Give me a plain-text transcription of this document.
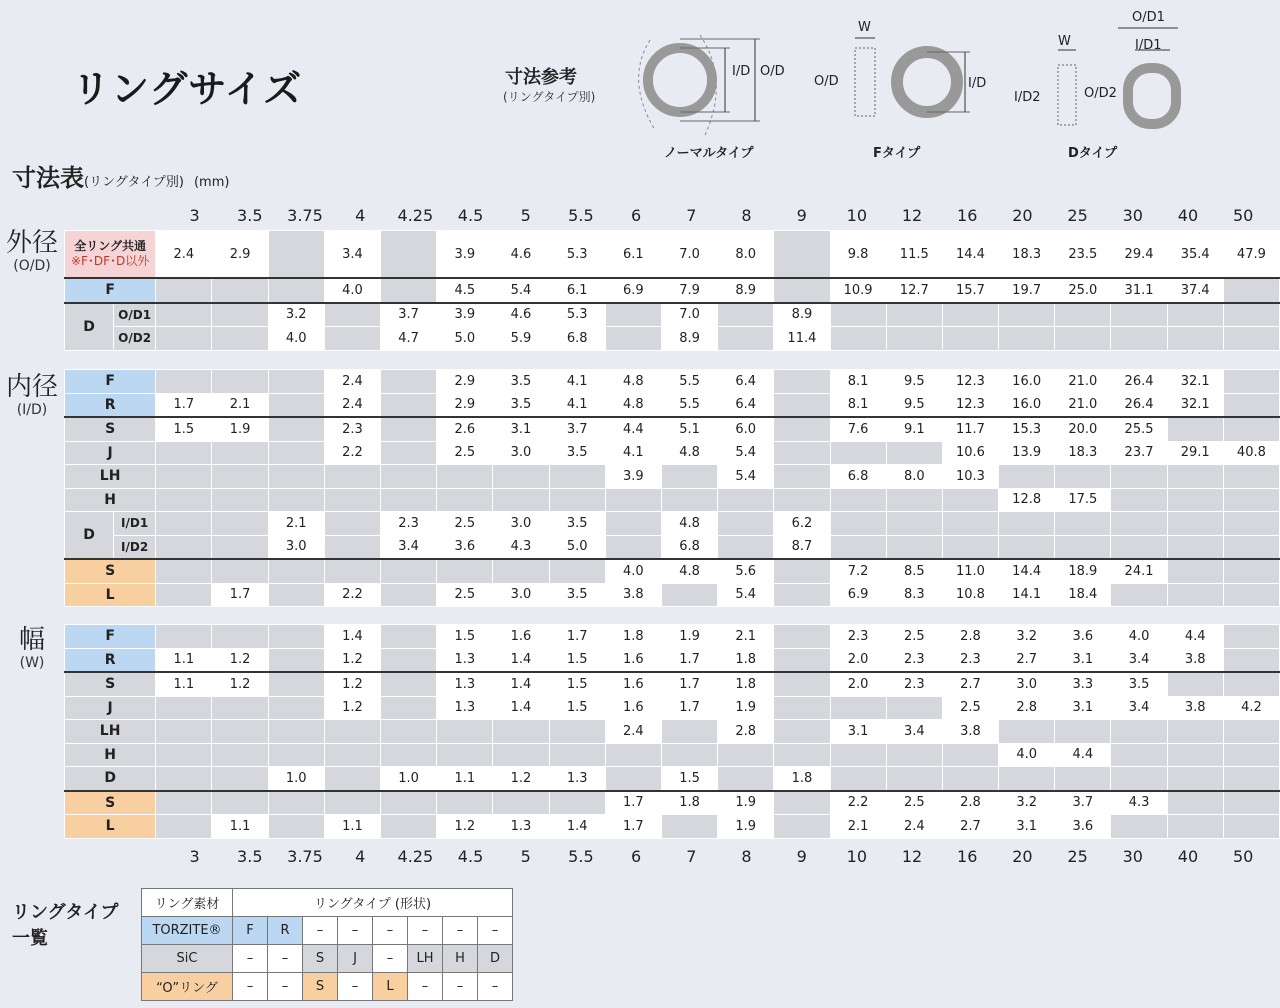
リングサイズ	寸法参考
(リングタイプ別)
I/D O/D
ノーマルタイプ
W
O/D	I/D
Fタイプ
O/D1
W	I/D1
I/D2	O/D2
Dタイプ
寸法表(リングタイプ別) (mm)
3	3.5	3.75	4	4.25	4.5	5	5.5	6	7	8	9	10	12	16	20	25	30	40	50
3	3.5	3.75	4	4.25	4.5	5	5.5	6	7	8	9	10	12	16	20	25	30	40	50
外径
(O/D)
内径
(I/D)
幅
(W)
全リング共通
※F･DF･D以外		2.4	2.9		3.4		3.9	4.6	5.3	6.1	7.0	8.0		9.8	11.5	14.4	18.3	23.5	29.4	35.4	47.9
F					4.0		4.5	5.4	6.1	6.9	7.9	8.9		10.9	12.7	15.7	19.7	25.0	31.1	37.4	
D	O/D1			3.2		3.7	3.9	4.6	5.3		7.0		8.9								
	O/D2			4.0		4.7	5.0	5.9	6.8		8.9		11.4								
F					2.4		2.9	3.5	4.1	4.8	5.5	6.4		8.1	9.5	12.3	16.0	21.0	26.4	32.1	
R		1.7	2.1		2.4		2.9	3.5	4.1	4.8	5.5	6.4		8.1	9.5	12.3	16.0	21.0	26.4	32.1	
S		1.5	1.9		2.3		2.6	3.1	3.7	4.4	5.1	6.0		7.6	9.1	11.7	15.3	20.0	25.5		
J					2.2		2.5	3.0	3.5	4.1	4.8	5.4				10.6	13.9	18.3	23.7	29.1	40.8
LH										3.9		5.4		6.8	8.0	10.3					
H																	12.8	17.5			
D	I/D1			2.1		2.3	2.5	3.0	3.5		4.8		6.2								
	I/D2			3.0		3.4	3.6	4.3	5.0		6.8		8.7								
S										4.0	4.8	5.6		7.2	8.5	11.0	14.4	18.9	24.1		
L			1.7		2.2		2.5	3.0	3.5	3.8		5.4		6.9	8.3	10.8	14.1	18.4			
F				1.4		1.5	1.6	1.7	1.8	1.9	2.1		2.3	2.5	2.8	3.2	3.6	4.0	4.4	
R	1.1	1.2		1.2		1.3	1.4	1.5	1.6	1.7	1.8		2.0	2.3	2.3	2.7	3.1	3.4	3.8	
S	1.1	1.2		1.2		1.3	1.4	1.5	1.6	1.7	1.8		2.0	2.3	2.7	3.0	3.3	3.5		
J				1.2		1.3	1.4	1.5	1.6	1.7	1.9				2.5	2.8	3.1	3.4	3.8	4.2
LH									2.4		2.8		3.1	3.4	3.8					
H																4.0	4.4			
D			1.0		1.0	1.1	1.2	1.3		1.5		1.8								
S									1.7	1.8	1.9		2.2	2.5	2.8	3.2	3.7	4.3		
L		1.1		1.1		1.2	1.3	1.4	1.7		1.9		2.1	2.4	2.7	3.1	3.6			
リングタイプ
一覧
リング素材	リングタイプ (形状)							
TORZITE®	F	R	–	–	–	–	–	–
SiC	–	–	S	J	–	LH	H	D
“O”リング	–	–	S	–	L	–	–	–
